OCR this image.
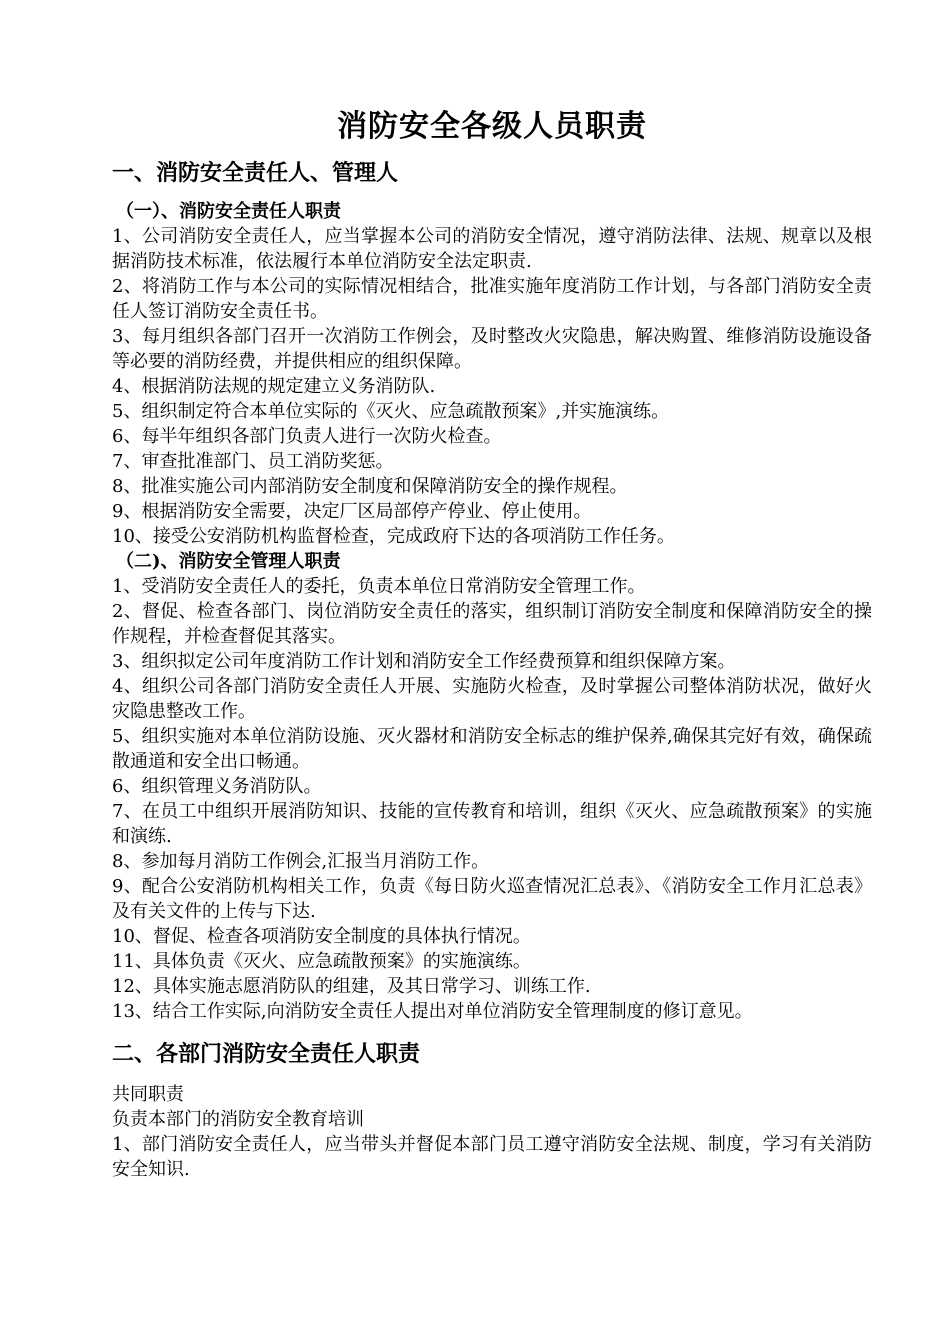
消防安全各级人员职责
一、消防安全责任人、管理人
（一）、消防安全责任人职责

1、公司消防安全责任人，应当掌握本公司的消防安全情况，遵守消防法律、法规、规章以及根据消防技术标准，依法履行本单位消防安全法定职责.

2、将消防工作与本公司的实际情况相结合，批准实施年度消防工作计划，与各部门消防安全责任人签订消防安全责任书。

3、每月组织各部门召开一次消防工作例会，及时整改火灾隐患，解决购置、维修消防设施设备等必要的消防经费，并提供相应的组织保障。

4、根据消防法规的规定建立义务消防队.

5、组织制定符合本单位实际的《灭火、应急疏散预案》,并实施演练。

6、每半年组织各部门负责人进行一次防火检查。

7、审查批准部门、员工消防奖惩。

8、批准实施公司内部消防安全制度和保障消防安全的操作规程。

9、根据消防安全需要，决定厂区局部停产停业、停止使用。

10、接受公安消防机构监督检查，完成政府下达的各项消防工作任务。

（二)、消防安全管理人职责

1、受消防安全责任人的委托，负责本单位日常消防安全管理工作。

2、督促、检查各部门、岗位消防安全责任的落实，组织制订消防安全制度和保障消防安全的操作规程，并检查督促其落实。

3、组织拟定公司年度消防工作计划和消防安全工作经费预算和组织保障方案。

4、组织公司各部门消防安全责任人开展、实施防火检查，及时掌握公司整体消防状况，做好火灾隐患整改工作。

5、组织实施对本单位消防设施、灭火器材和消防安全标志的维护保养,确保其完好有效，确保疏散通道和安全出口畅通。

6、组织管理义务消防队。

7、在员工中组织开展消防知识、技能的宣传教育和培训，组织《灭火、应急疏散预案》的实施和演练.

8、参加每月消防工作例会,汇报当月消防工作。

9、配合公安消防机构相关工作，负责《每日防火巡查情况汇总表》、《消防安全工作月汇总表》及有关文件的上传与下达.

10、督促、检查各项消防安全制度的具体执行情况。

11、具体负责《灭火、应急疏散预案》的实施演练。

12、具体实施志愿消防队的组建，及其日常学习、训练工作.

13、结合工作实际,向消防安全责任人提出对单位消防安全管理制度的修订意见。

二、各部门消防安全责任人职责

共同职责

负责本部门的消防安全教育培训

1、部门消防安全责任人，应当带头并督促本部门员工遵守消防安全法规、制度，学习有关消防安全知识.
